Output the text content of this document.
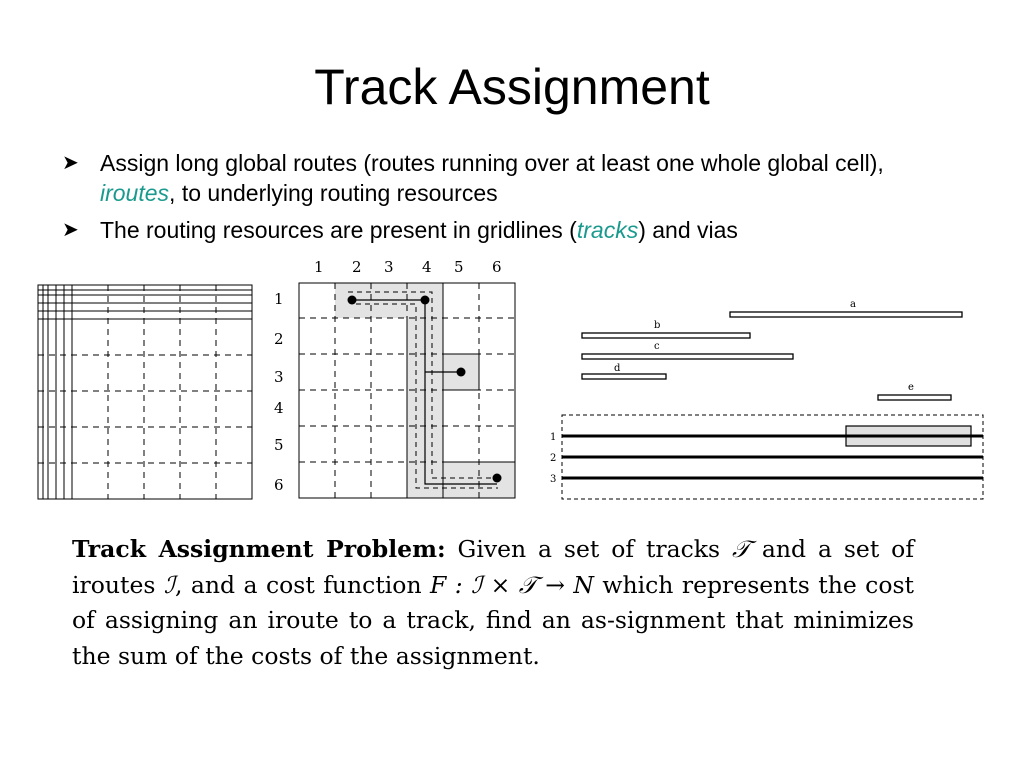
Track Assignment
➤ Assign long global routes (routes running over at least one whole global cell), iroutes, to underlying routing resources
➤ The routing resources are present in gridlines (tracks) and vias
1 2 3 4 5 6
1
2
3
4
5
6
a
b
c
d
e
1
2
3
Track Assignment Problem: Given a set of tracks 𝒯 and a set of iroutes ℐ, and a cost function F : ℐ × 𝒯 → N which represents the cost of assigning an iroute to a track, find an as-signment that minimizes the sum of the costs of the assignment.
